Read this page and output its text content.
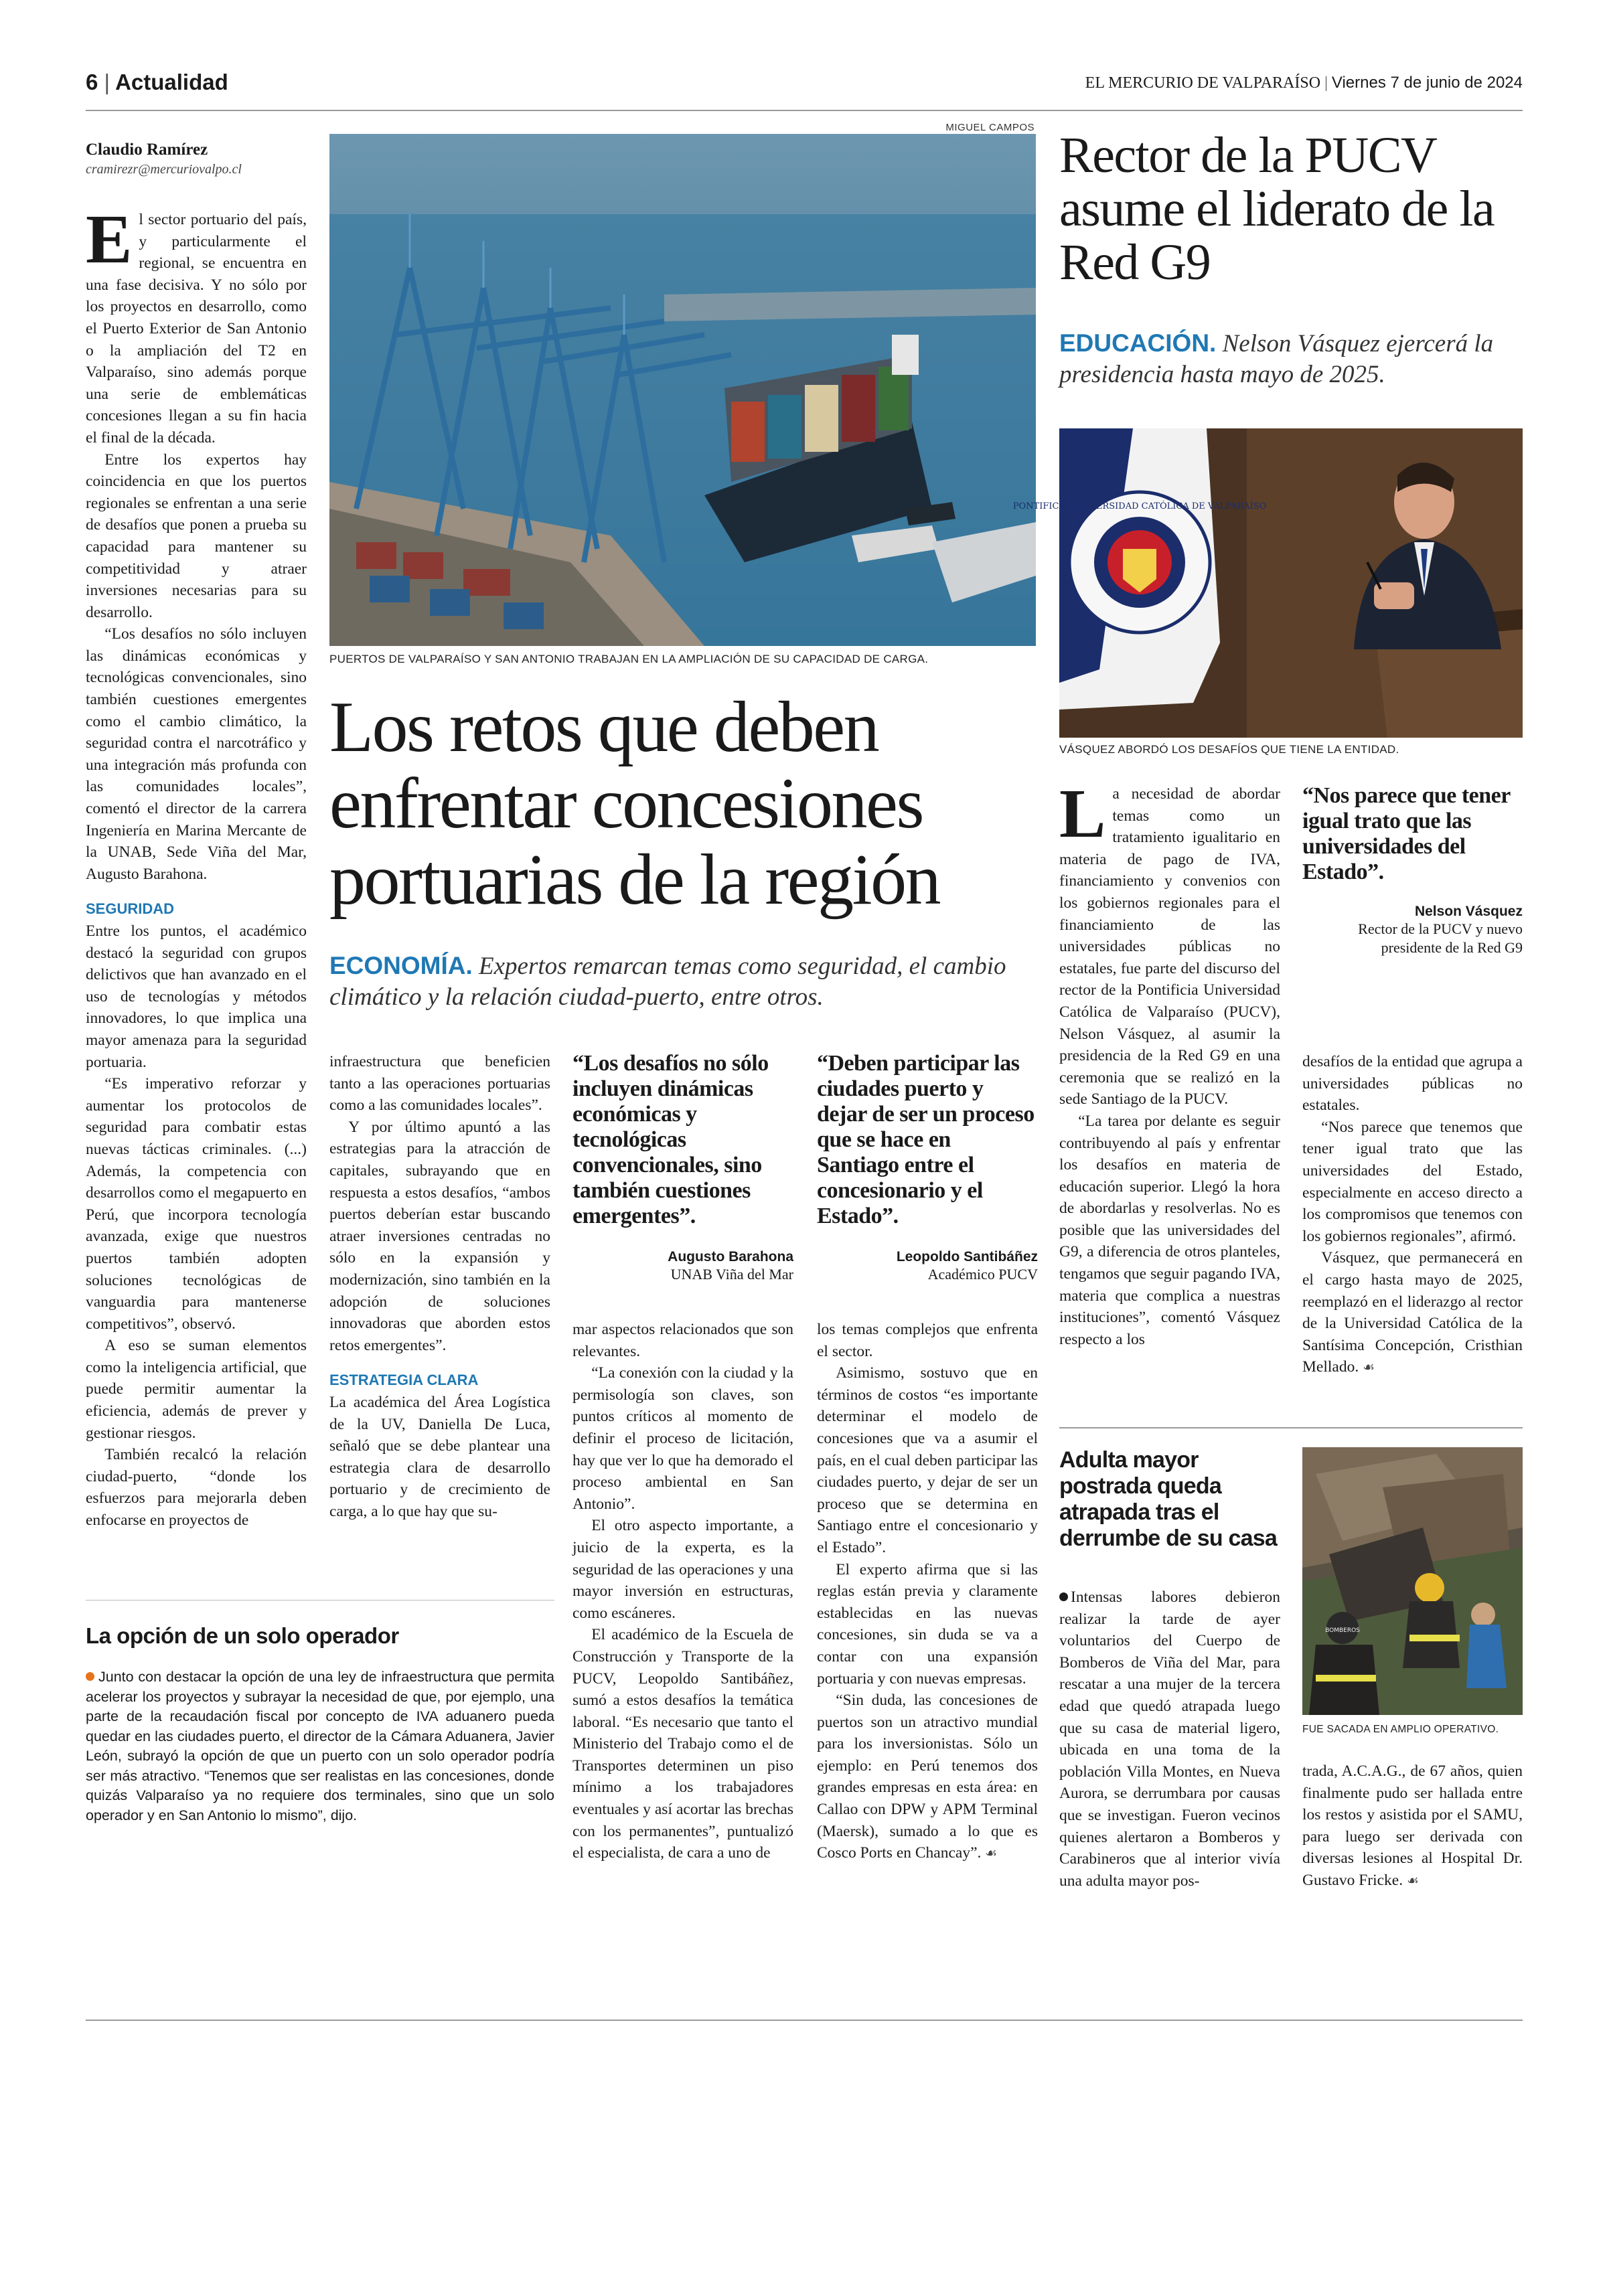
6 | Actualidad	EL MERCURIO DE VALPARAÍSO | Viernes 7 de junio de 2024
Claudio Ramírez
cramirezr@mercuriovalpo.cl
MIGUEL CAMPOS
PUERTOS DE VALPARAÍSO Y SAN ANTONIO TRABAJAN EN LA AMPLIACIÓN DE SU CAPACIDAD DE CARGA.
Los retos que deben enfrentar concesiones portuarias de la región
ECONOMÍA. Expertos remarcan temas como seguridad, el cambio climático y la relación ciudad-puerto, entre otros.

El sector portuario del país, y particularmente el regional, se encuentra en una fase decisiva. Y no sólo por los proyectos en desarrollo, como el Puerto Exterior de San Antonio o la ampliación del T2 en Valparaíso, sino además porque una serie de emblemáticas concesiones llegan a su fin hacia el final de la década.

Entre los expertos hay coincidencia en que los puertos regionales se enfrentan a una serie de desafíos que ponen a prueba su capacidad para mantener su competitividad y atraer inversiones necesarias para su desarrollo.

“Los desafíos no sólo incluyen las dinámicas económicas y tecnológicas convencionales, sino también cuestiones emergentes como el cambio climático, la seguridad contra el narcotráfico y una integración más profunda con las comunidades locales”, comentó el director de la carrera Ingeniería en Marina Mercante de la UNAB, Sede Viña del Mar, Augusto Barahona.

SEGURIDAD

Entre los puntos, el académico destacó la seguridad con grupos delictivos que han avanzado en el uso de tecnologías y métodos innovadores, lo que implica una mayor amenaza para la seguridad portuaria.

“Es imperativo reforzar y aumentar los protocolos de seguridad para combatir estas nuevas tácticas criminales. (...) Además, la competencia con desarrollos como el megapuerto en Perú, que incorpora tecnología avanzada, exige que nuestros puertos también adopten soluciones tecnológicas de vanguardia para mantenerse competitivos”, observó.

A eso se suman elementos como la inteligencia artificial, que puede permitir aumentar la eficiencia, además de prever y gestionar riesgos.

También recalcó la relación ciudad-puerto, “donde los esfuerzos para mejorarla deben enfocarse en proyectos de

infraestructura que beneficien tanto a las operaciones portuarias como a las comunidades locales”.

Y por último apuntó a las estrategias para la atracción de capitales, subrayando que en respuesta a estos desafíos, “ambos puertos deberían estar buscando atraer inversiones centradas no sólo en la expansión y modernización, sino también en la adopción de soluciones innovadoras que aborden estos retos emergentes”.

ESTRATEGIA CLARA

La académica del Área Logística de la UV, Daniella De Luca, señaló que se debe plantear una estrategia clara de desarrollo portuario y de crecimiento de carga, a lo que hay que su-

“Los desafíos no sólo incluyen dinámicas económicas y tecnológicas convencionales, sino también cuestiones emergentes”.
Augusto Barahona
UNAB Viña del Mar
“Deben participar las ciudades puerto y dejar de ser un proceso que se hace en Santiago entre el concesionario y el Estado”.
Leopoldo Santibáñez
Académico PUCV

mar aspectos relacionados que son relevantes.

“La conexión con la ciudad y la permisología son claves, son puntos críticos al momento de definir el proceso de licitación, hay que ver lo que ha demorado el proceso ambiental en San Antonio”.

El otro aspecto importante, a juicio de la experta, es la seguridad de las operaciones y una mayor inversión en estructuras, como escáneres.

El académico de la Escuela de Construcción y Transporte de la PUCV, Leopoldo Santibáñez, sumó a estos desafíos la temática laboral. “Es necesario que tanto el Ministerio del Trabajo como el de Transportes determinen un piso mínimo a los trabajadores eventuales y así acortar las brechas con los permanentes”, puntualizó el especialista, de cara a uno de

los temas complejos que enfrenta el sector.

Asimismo, sostuvo que en términos de costos “es importante determinar el modelo de concesiones que va a asumir el país, en el cual deben participar las ciudades puerto, y dejar de ser un proceso que se determina en Santiago entre el concesionario y el Estado”.

El experto afirma que si las reglas están previa y claramente establecidas en las nuevas concesiones, sin duda se va a contar con una expansión portuaria y con nuevas empresas.

“Sin duda, las concesiones de puertos son un atractivo mundial para los inversionistas. Sólo un ejemplo: en Perú tenemos dos grandes empresas en esta área: en Callao con DPW y APM Terminal (Maersk), sumado a lo que es Cosco Ports en Chancay”. ☙

La opción de un solo operador
Junto con destacar la opción de una ley de infraestructura que permita acelerar los proyectos y subrayar la necesidad de que, por ejemplo, una parte de la recaudación fiscal por concepto de IVA aduanero pueda quedar en las ciudades puerto, el director de la Cámara Aduanera, Javier León, subrayó la opción de que un puerto con un solo operador podría ser más atractivo. “Tenemos que ser realistas en las concesiones, donde quizás Valparaíso ya no requiere dos terminales, sino que un solo operador y en San Antonio lo mismo”, dijo.
Rector de la PUCV asume el liderato de la Red G9
EDUCACIÓN. Nelson Vásquez ejercerá la presidencia hasta mayo de 2025.
PONTIFICIA UNIVERSIDAD CATÓLICA DE VALPARAÍSO
VÁSQUEZ ABORDÓ LOS DESAFÍOS QUE TIENE LA ENTIDAD.

La necesidad de abordar temas como un tratamiento igualitario en materia de pago de IVA, financiamiento y convenios con los gobiernos regionales para el financiamiento de las universidades públicas no estatales, fue parte del discurso del rector de la Pontificia Universidad Católica de Valparaíso (PUCV), Nelson Vásquez, al asumir la presidencia de la Red G9 en una ceremonia que se realizó en la sede Santiago de la PUCV.

“La tarea por delante es seguir contribuyendo al país y enfrentar los desafíos en materia de educación superior. Llegó la hora de abordarlas y resolverlas. No es posible que las universidades del G9, a diferencia de otros planteles, tengamos que seguir pagando IVA, materia que complica a nuestras instituciones”, comentó Vásquez respecto a los

“Nos parece que tener igual trato que las universidades del Estado”.
Nelson Vásquez
Rector de la PUCV y nuevo presidente de la Red G9

desafíos de la entidad que agrupa a universidades públicas no estatales.

“Nos parece que tenemos que tener igual trato que las universidades del Estado, especialmente en acceso directo a los compromisos que tenemos con los gobiernos regionales”, afirmó.

Vásquez, que permanecerá en el cargo hasta mayo de 2025, reemplazó en el liderazgo al rector de la Universidad Católica de la Santísima Concepción, Cristhian Mellado. ☙

Adulta mayor postrada queda atrapada tras el derrumbe de su casa
BOMBEROS
FUE SACADA EN AMPLIO OPERATIVO.

Intensas labores debieron realizar la tarde de ayer voluntarios del Cuerpo de Bomberos de Viña del Mar, para rescatar a una mujer de la tercera edad que quedó atrapada luego que su casa de material ligero, ubicada en una toma de la población Villa Montes, en Nueva Aurora, se derrumbara por causas que se investigan. Fueron vecinos quienes alertaron a Bomberos y Carabineros que al interior vivía una adulta mayor pos-

trada, A.C.A.G., de 67 años, quien finalmente pudo ser hallada entre los restos y asistida por el SAMU, para luego ser derivada con diversas lesiones al Hospital Dr. Gustavo Fricke. ☙
